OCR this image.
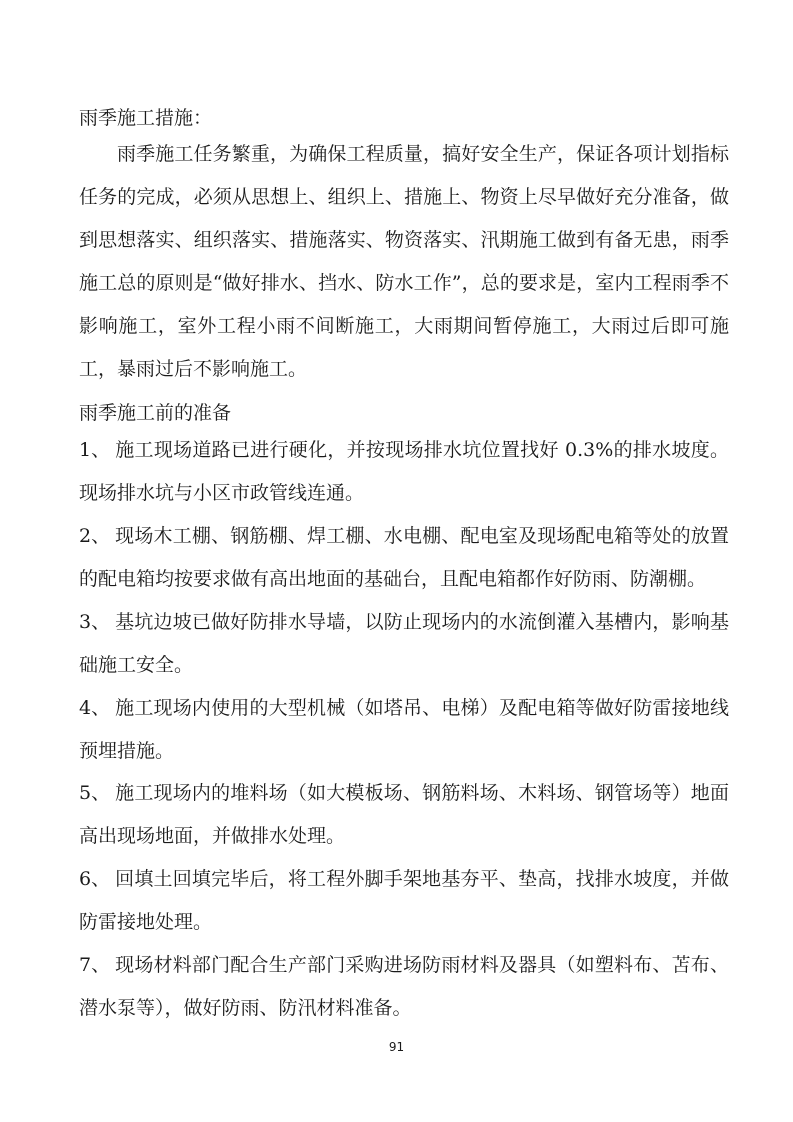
雨季施工措施：

雨季施工任务繁重，为确保工程质量，搞好安全生产，保证各项计划指标任务的完成，必须从思想上、组织上、措施上、物资上尽早做好充分准备，做到思想落实、组织落实、措施落实、物资落实、汛期施工做到有备无患，雨季施工总的原则是“做好排水、挡水、防水工作”，总的要求是，室内工程雨季不影响施工，室外工程小雨不间断施工，大雨期间暂停施工，大雨过后即可施工，暴雨过后不影响施工。

雨季施工前的准备

1、 施工现场道路已进行硬化，并按现场排水坑位置找好 0.3%的排水坡度。现场排水坑与小区市政管线连通。

2、 现场木工棚、钢筋棚、焊工棚、水电棚、配电室及现场配电箱等处的放置的配电箱均按要求做有高出地面的基础台，且配电箱都作好防雨、防潮棚。

3、 基坑边坡已做好防排水导墙，以防止现场内的水流倒灌入基槽内，影响基础施工安全。

4、 施工现场内使用的大型机械（如塔吊、电梯）及配电箱等做好防雷接地线预埋措施。

5、 施工现场内的堆料场（如大模板场、钢筋料场、木料场、钢管场等）地面高出现场地面，并做排水处理。

6、 回填土回填完毕后，将工程外脚手架地基夯平、垫高，找排水坡度，并做防雷接地处理。

7、 现场材料部门配合生产部门采购进场防雨材料及器具（如塑料布、苫布、潜水泵等），做好防雨、防汛材料准备。

91
